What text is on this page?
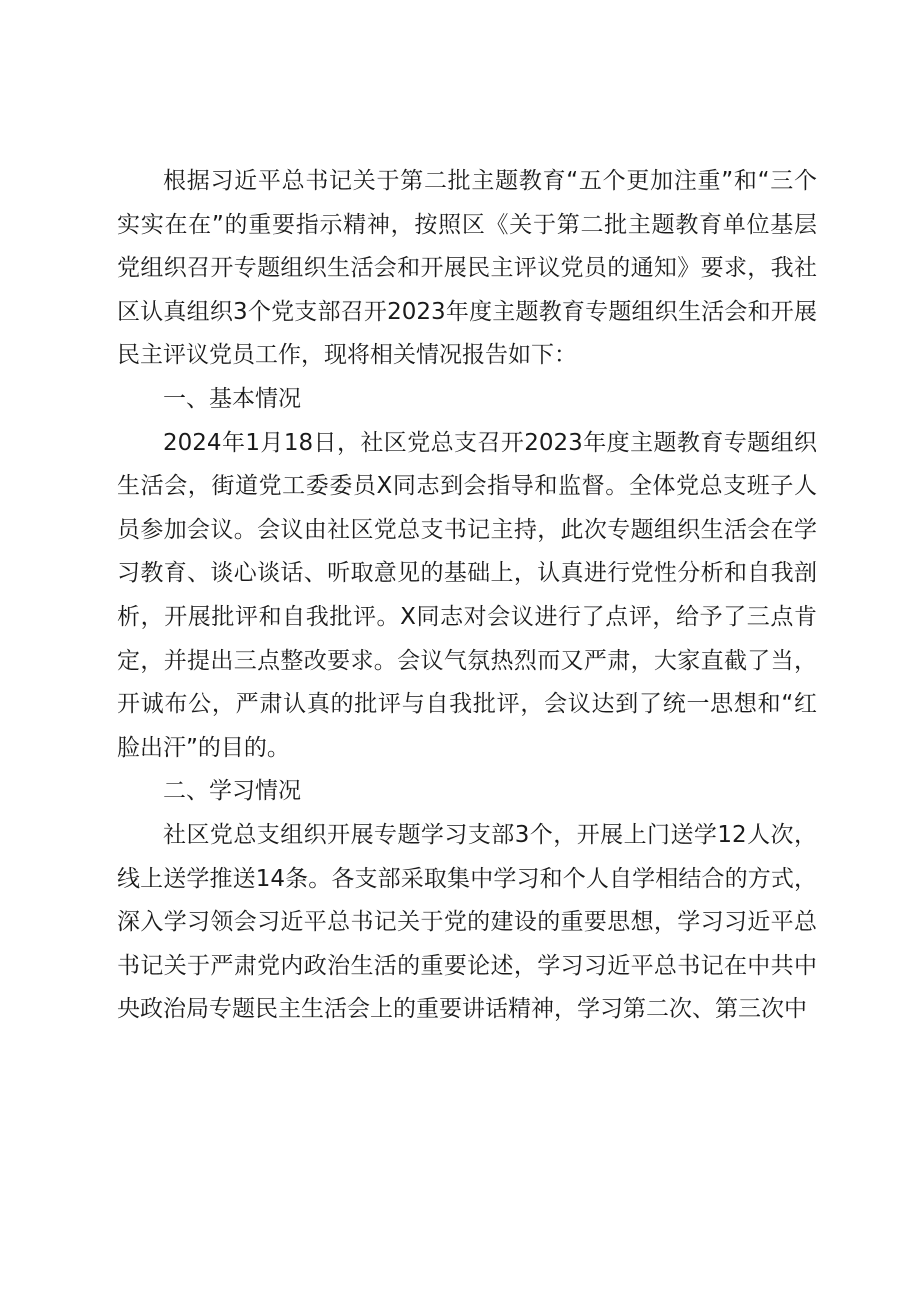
根据习近平总书记关于第二批主题教育“五个更加注重”和“三个实实在在”的重要指示精神，按照区《关于第二批主题教育单位基层党组织召开专题组织生活会和开展民主评议党员的通知》要求，我社区认真组织3个党支部召开2023年度主题教育专题组织生活会和开展民主评议党员工作，现将相关情况报告如下：

一、基本情况

2024年1月18日，社区党总支召开2023年度主题教育专题组织生活会，街道党工委委员X同志到会指导和监督。全体党总支班子人员参加会议。会议由社区党总支书记主持，此次专题组织生活会在学习教育、谈心谈话、听取意见的基础上，认真进行党性分析和自我剖析，开展批评和自我批评。X同志对会议进行了点评，给予了三点肯定，并提出三点整改要求。会议气氛热烈而又严肃，大家直截了当，开诚布公，严肃认真的批评与自我批评，会议达到了统一思想和“红脸出汗”的目的。

二、学习情况

社区党总支组织开展专题学习支部3个，开展上门送学12人次，线上送学推送14条。各支部采取集中学习和个人自学相结合的方式，深入学习领会习近平总书记关于党的建设的重要思想，学习习近平总书记关于严肃党内政治生活的重要论述，学习习近平总书记在中共中央政治局专题民主生活会上的重要讲话精神，学习第二次、第三次中
